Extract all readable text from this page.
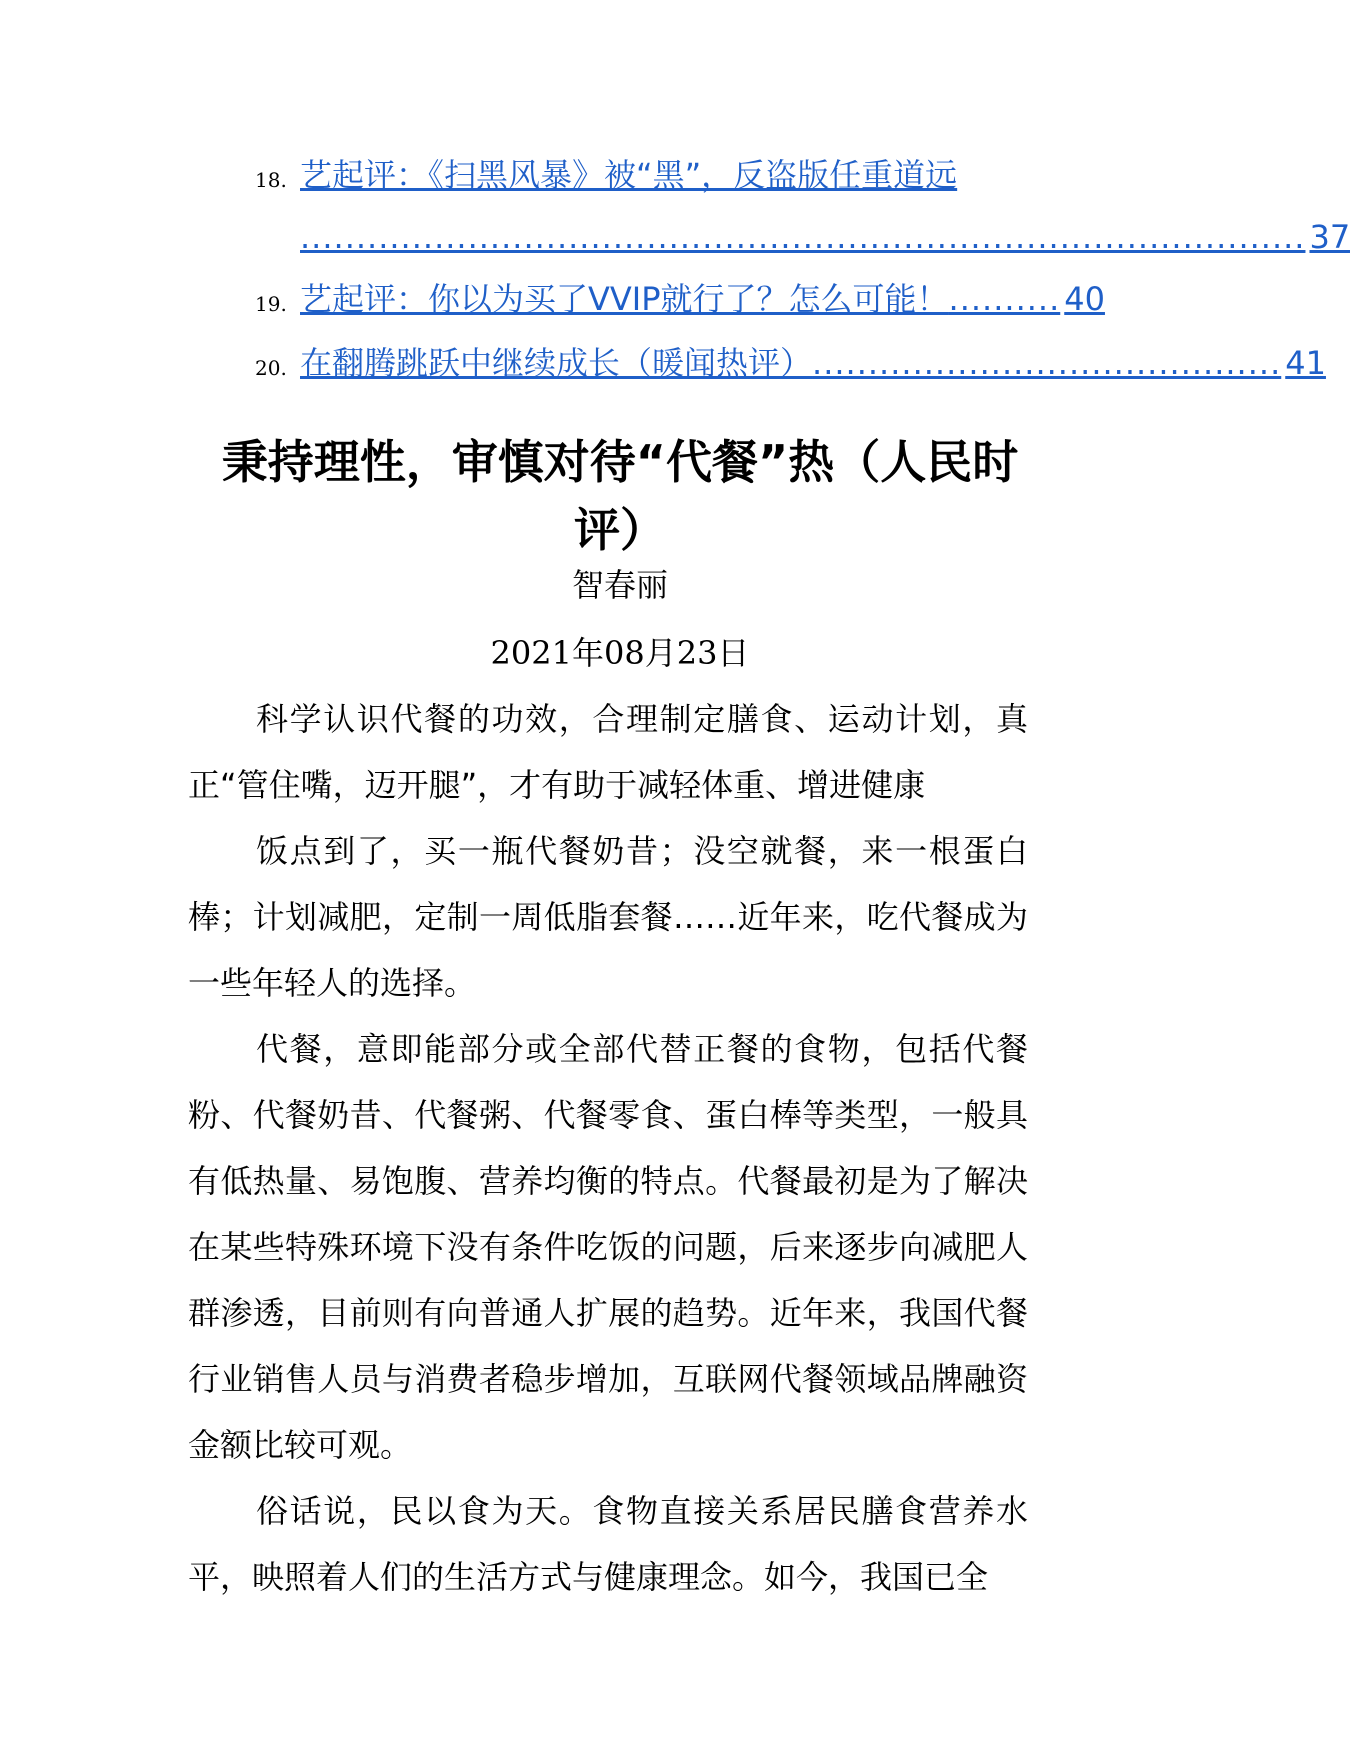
18. 艺起评：《扫黑风暴》被“黑”，反盗版任重道远
.......................................................................................... 37
19. 艺起评：你以为买了VVIP就行了？怎么可能！ .......... 40
20. 在翻腾跳跃中继续成长（暖闻热评） .......................................... 41
秉持理性，审慎对待“代餐”热（人民时评）
智春丽
2021年08月23日

科学认识代餐的功效，合理制定膳食、运动计划，真正“管住嘴，迈开腿”，才有助于减轻体重、增进健康

饭点到了，买一瓶代餐奶昔；没空就餐，来一根蛋白棒；计划减肥，定制一周低脂套餐……近年来，吃代餐成为一些年轻人的选择。

代餐，意即能部分或全部代替正餐的食物，包括代餐粉、代餐奶昔、代餐粥、代餐零食、蛋白棒等类型，一般具有低热量、易饱腹、营养均衡的特点。代餐最初是为了解决在某些特殊环境下没有条件吃饭的问题，后来逐步向减肥人群渗透，目前则有向普通人扩展的趋势。近年来，我国代餐行业销售人员与消费者稳步增加，互联网代餐领域品牌融资金额比较可观。

俗话说，民以食为天。食物直接关系居民膳食营养水平，映照着人们的生活方式与健康理念。如今，我国已全
